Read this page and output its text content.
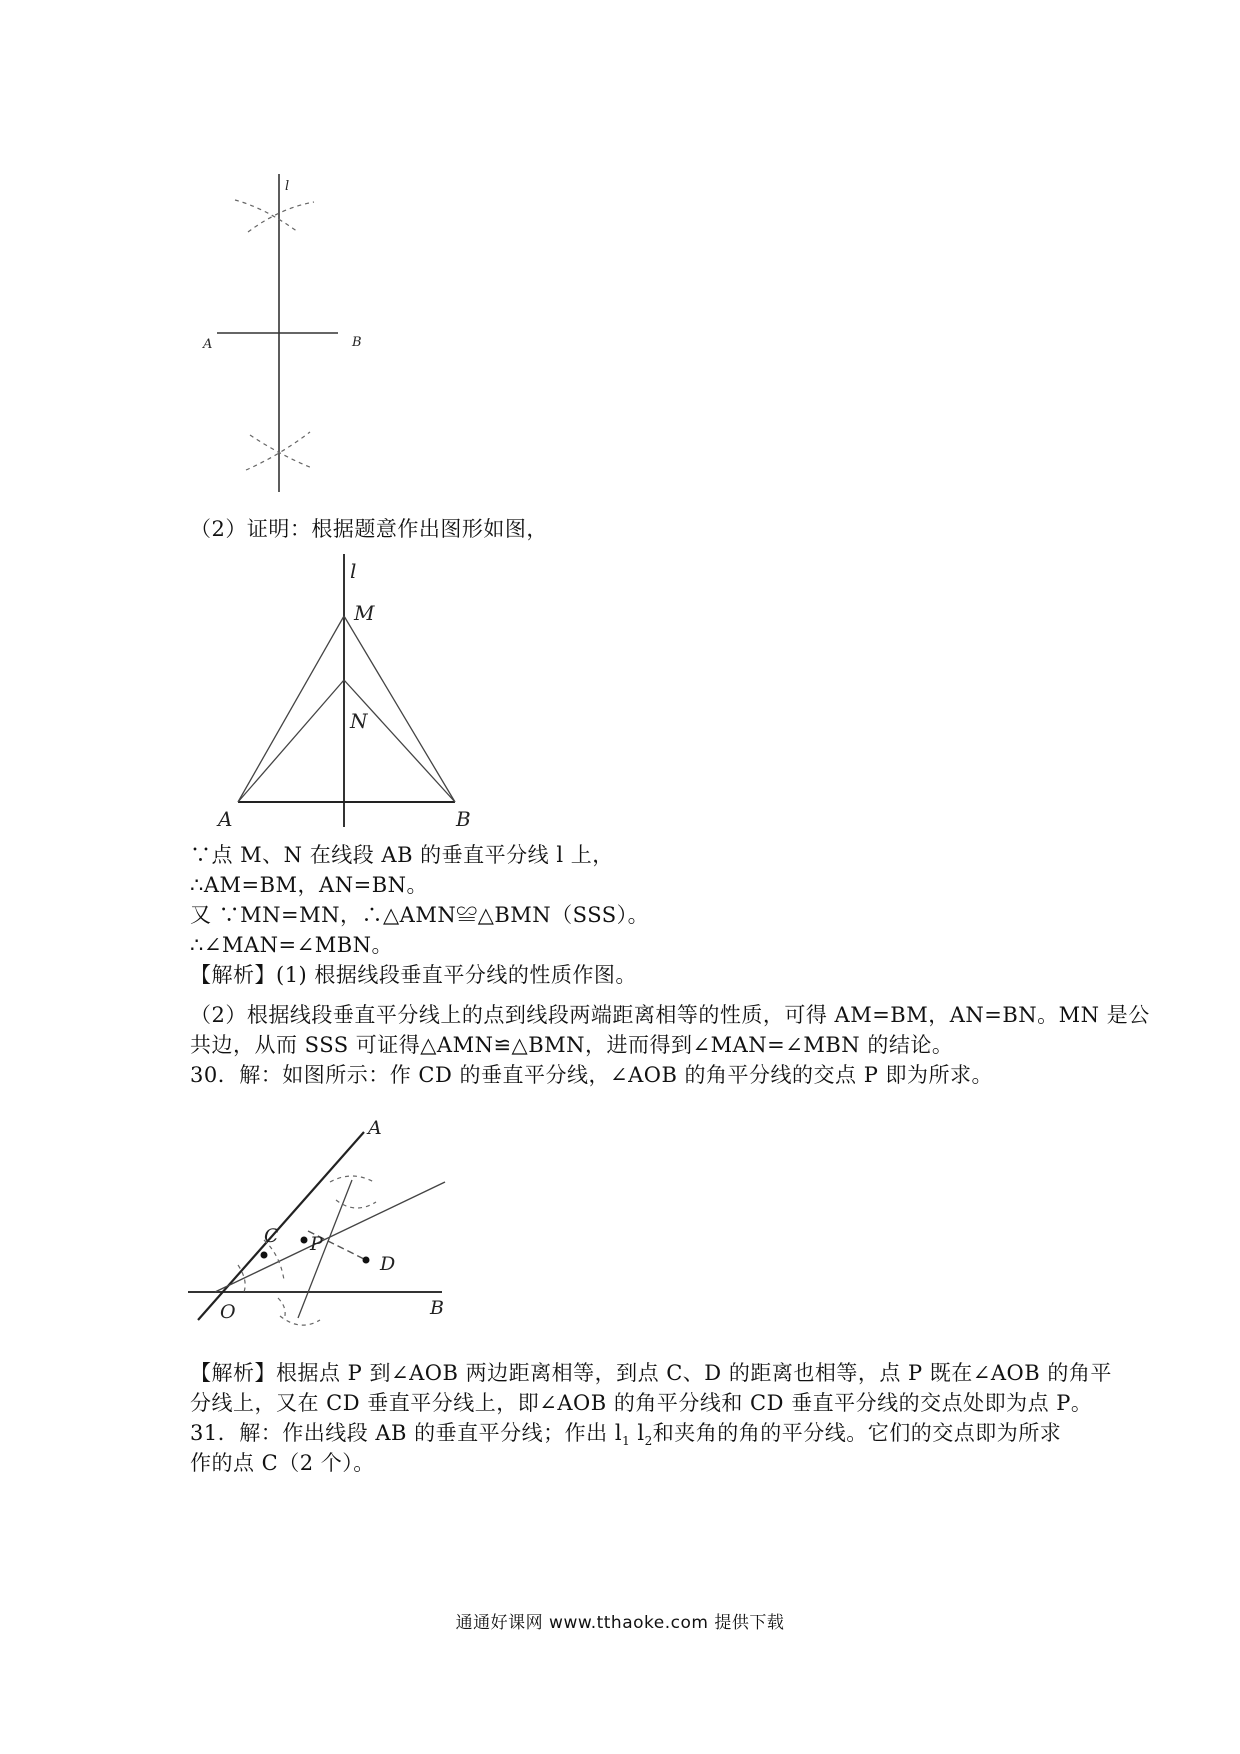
l
A	B
（2）证明：根据题意作出图形如图，
l
M
N
A	B
∵点 M、N 在线段 AB 的垂直平分线 l 上，
∴AM=BM，AN=BN。
又 ∵MN=MN，∴△AMN≌△BMN（SSS）。
∴∠MAN=∠MBN。
【解析】(1) 根据线段垂直平分线的性质作图。
（2）根据线段垂直平分线上的点到线段两端距离相等的性质，可得 AM=BM，AN=BN。MN 是公
共边，从而 SSS 可证得△AMN≌△BMN，进而得到∠MAN=∠MBN 的结论。
30．解：如图所示：作 CD 的垂直平分线，∠AOB 的角平分线的交点 P 即为所求。
A
C P
D
O	B
【解析】根据点 P 到∠AOB 两边距离相等，到点 C、D 的距离也相等，点 P 既在∠AOB 的角平
分线上，又在 CD 垂直平分线上，即∠AOB 的角平分线和 CD 垂直平分线的交点处即为点 P。
31．解：作出线段 AB 的垂直平分线；作出 $l_1$ $l_2$和夹角的角的平分线。它们的交点即为所求
作的点 C（2 个）。
通通好课网 www.tthaoke.com 提供下载
